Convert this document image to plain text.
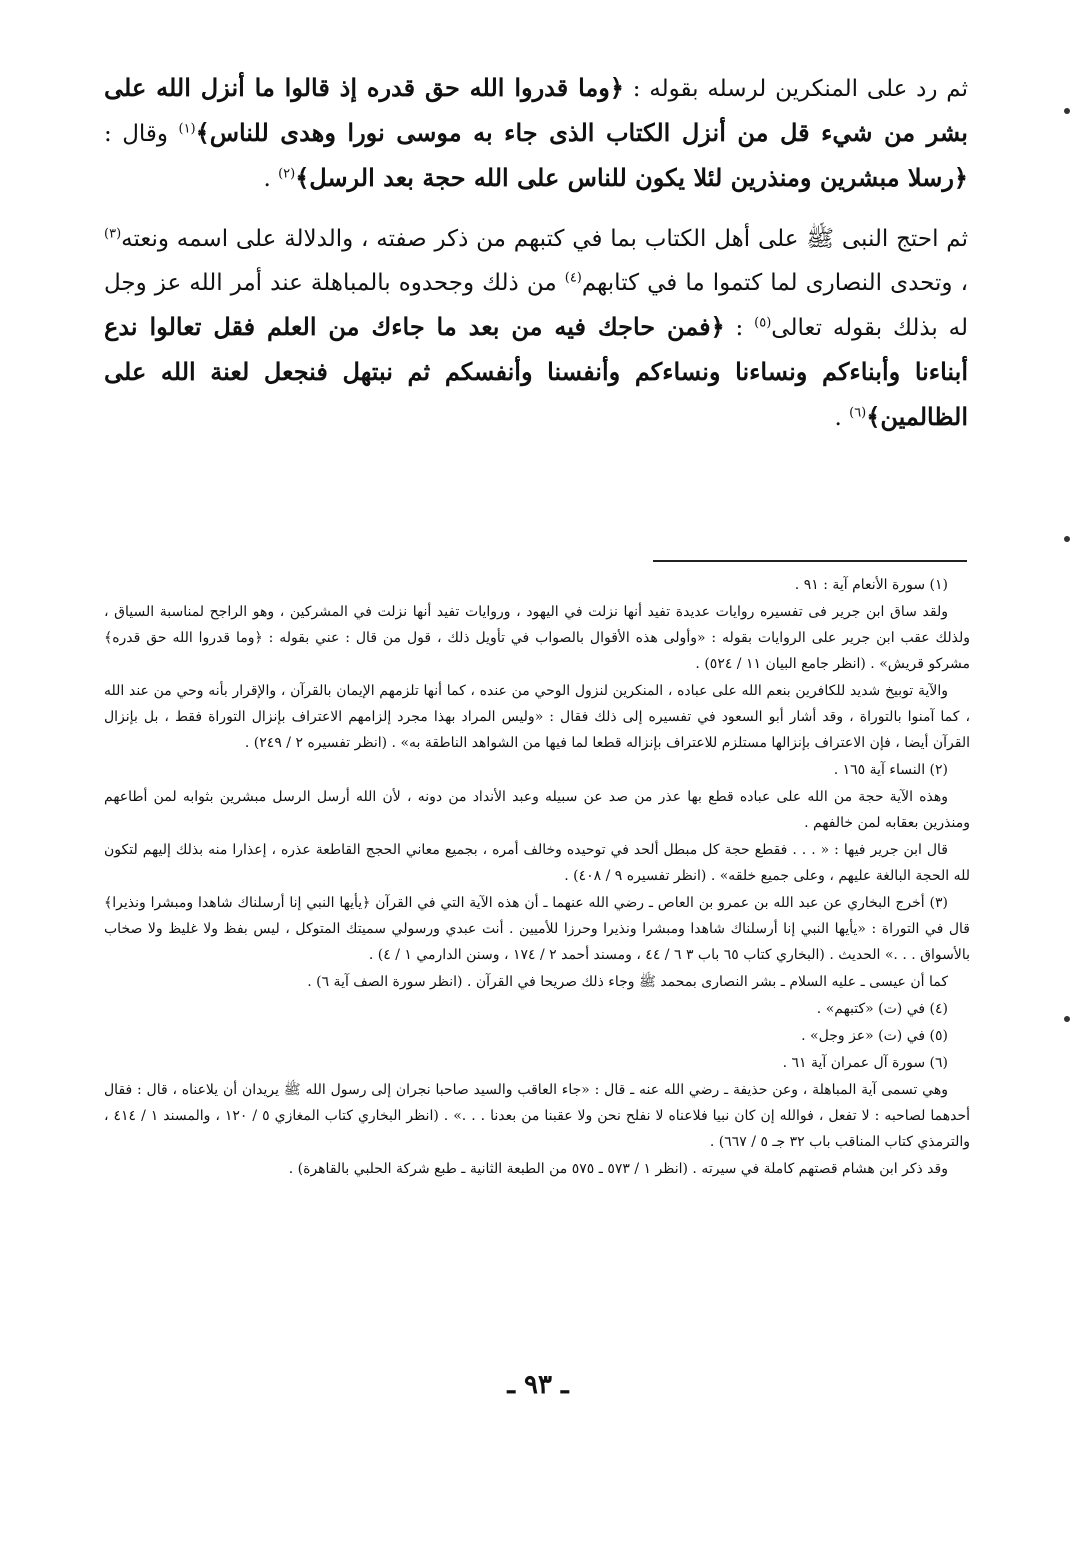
ثم رد على المنكرين لرسله بقوله : ﴿وما قدروا الله حق قدره إذ قالوا ما أنزل الله على بشر من شيء قل من أنزل الكتاب الذى جاء به موسى نورا وهدى للناس﴾$^{(١)}$ وقال : ﴿رسلا مبشرين ومنذرين لئلا يكون للناس على الله حجة بعد الرسل﴾$^{(٢)}$ .

ثم احتج النبى ﷺ على أهل الكتاب بما في كتبهم من ذكر صفته ، والدلالة على اسمه ونعته$^{(٣)}$ ، وتحدى النصارى لما كتموا ما في كتابهم$^{(٤)}$ من ذلك وجحدوه بالمباهلة عند أمر الله عز وجل له بذلك بقوله تعالى$^{(٥)}$ : ﴿فمن حاجك فيه من بعد ما جاءك من العلم فقل تعالوا ندع أبناءنا وأبناءكم ونساءنا ونساءكم وأنفسنا وأنفسكم ثم نبتهل فنجعل لعنة الله على الظالمين﴾$^{(٦)}$ .

(١) سورة الأنعام آية : ٩١ .

ولقد ساق ابن جرير فى تفسيره روايات عديدة تفيد أنها نزلت في اليهود ، وروايات تفيد أنها نزلت في المشركين ، وهو الراجح لمناسبة السياق ، ولذلك عقب ابن جرير على الروايات بقوله : «وأولى هذه الأقوال بالصواب في تأويل ذلك ، قول من قال : عني بقوله : ﴿وما قدروا الله حق قدره﴾ مشركو قريش» . (انظر جامع البيان ١١ / ٥٢٤) .

والآية توبيخ شديد للكافرين بنعم الله على عباده ، المنكرين لنزول الوحي من عنده ، كما أنها تلزمهم الإيمان بالقرآن ، والإقرار بأنه وحي من عند الله ، كما آمنوا بالتوراة ، وقد أشار أبو السعود في تفسيره إلى ذلك فقال : «وليس المراد بهذا مجرد إلزامهم الاعتراف بإنزال التوراة فقط ، بل بإنزال القرآن أيضا ، فإن الاعتراف بإنزالها مستلزم للاعتراف بإنزاله قطعا لما فيها من الشواهد الناطقة به» . (انظر تفسيره ٢ / ٢٤٩) .

(٢) النساء آية ١٦٥ .

وهذه الآية حجة من الله على عباده قطع بها عذر من صد عن سبيله وعبد الأنداد من دونه ، لأن الله أرسل الرسل مبشرين بثوابه لمن أطاعهم ومنذرين بعقابه لمن خالفهم .

قال ابن جرير فيها : « . . . فقطع حجة كل مبطل ألحد في توحيده وخالف أمره ، بجميع معاني الحجج القاطعة عذره ، إعذارا منه بذلك إليهم لتكون لله الحجة البالغة عليهم ، وعلى جميع خلقه» . (انظر تفسيره ٩ / ٤٠٨) .

(٣) أخرج البخاري عن عبد الله بن عمرو بن العاص ـ رضي الله عنهما ـ أن هذه الآية التي في القرآن ﴿يأيها النبي إنا أرسلناك شاهدا ومبشرا ونذيرا﴾ قال في التوراة : «يأيها النبي إنا أرسلناك شاهدا ومبشرا ونذيرا وحرزا للأميين . أنت عبدي ورسولي سميتك المتوكل ، ليس بفظ ولا غليظ ولا صخاب بالأسواق . . .» الحديث . (البخاري كتاب ٦٥ باب ٣ ٦ / ٤٤ ، ومسند أحمد ٢ / ١٧٤ ، وسنن الدارمي ١ / ٤) .

كما أن عيسى ـ عليه السلام ـ بشر النصارى بمحمد ﷺ وجاء ذلك صريحا في القرآن . (انظر سورة الصف آية ٦) .

(٤) في (ت) «كتبهم» .

(٥) في (ت) «عز وجل» .

(٦) سورة آل عمران آية ٦١ .

وهي تسمى آية المباهلة ، وعن حذيفة ـ رضي الله عنه ـ قال : «جاء العاقب والسيد صاحبا نجران إلى رسول الله ﷺ يريدان أن يلاعناه ، قال : فقال أحدهما لصاحبه : لا تفعل ، فوالله إن كان نبيا فلاعناه لا نفلح نحن ولا عقبنا من بعدنا . . .» . (انظر البخاري كتاب المغازي ٥ / ١٢٠ ، والمسند ١ / ٤١٤ ، والترمذي كتاب المناقب باب ٣٢ جـ ٥ / ٦٦٧) .

وقد ذكر ابن هشام قصتهم كاملة في سيرته . (انظر ١ / ٥٧٣ ـ ٥٧٥ من الطبعة الثانية ـ طبع شركة الحلبي بالقاهرة) .

ـ ٩٣ ـ
